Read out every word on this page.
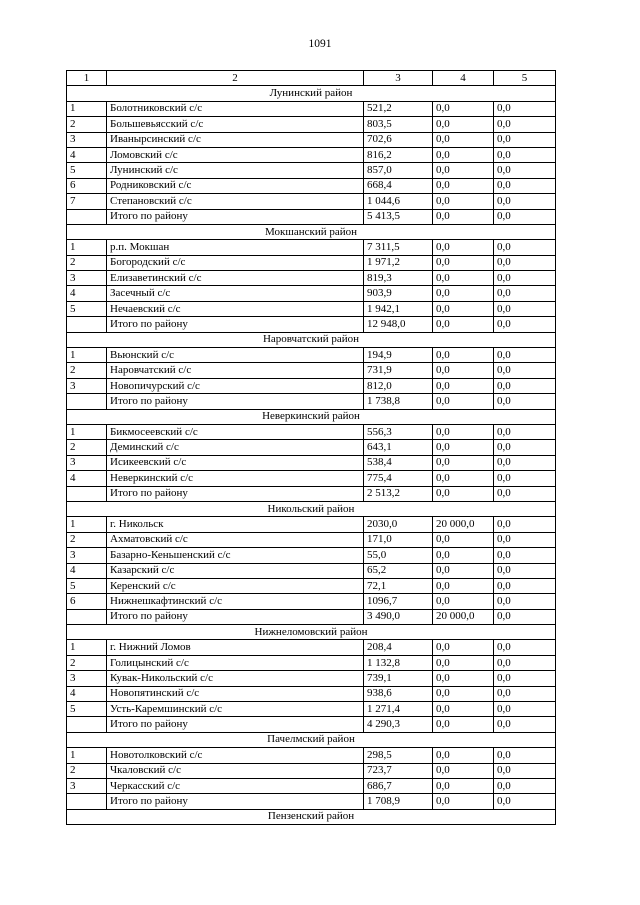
1091
1	2	3	4	5
Лунинский район				
1	Болотниковский с/с	521,2	0,0	0,0
2	Большевьясский с/с	803,5	0,0	0,0
3	Иванырсинский с/с	702,6	0,0	0,0
4	Ломовский с/с	816,2	0,0	0,0
5	Лунинский с/с	857,0	0,0	0,0
6	Родниковский с/с	668,4	0,0	0,0
7	Степановский с/с	1 044,6	0,0	0,0
	Итого по району	5 413,5	0,0	0,0
Мокшанский район				
1	р.п. Мокшан	7 311,5	0,0	0,0
2	Богородский с/с	1 971,2	0,0	0,0
3	Елизаветинский с/с	819,3	0,0	0,0
4	Засечный с/с	903,9	0,0	0,0
5	Нечаевский с/с	1 942,1	0,0	0,0
	Итого по району	12 948,0	0,0	0,0
Наровчатский район				
1	Вьюнский с/с	194,9	0,0	0,0
2	Наровчатский с/с	731,9	0,0	0,0
3	Новопичурский с/с	812,0	0,0	0,0
	Итого по району	1 738,8	0,0	0,0
Неверкинский район				
1	Бикмосеевский с/с	556,3	0,0	0,0
2	Деминский с/с	643,1	0,0	0,0
3	Исикеевский с/с	538,4	0,0	0,0
4	Неверкинский с/с	775,4	0,0	0,0
	Итого по району	2 513,2	0,0	0,0
Никольский район				
1	г. Никольск	2030,0	20 000,0	0,0
2	Ахматовский с/с	171,0	0,0	0,0
3	Базарно-Кеньшенский с/с	55,0	0,0	0,0
4	Казарский с/с	65,2	0,0	0,0
5	Керенский с/с	72,1	0,0	0,0
6	Нижнешкафтинский с/с	1096,7	0,0	0,0
	Итого по району	3 490,0	20 000,0	0,0
Нижнеломовский район				
1	г. Нижний Ломов	208,4	0,0	0,0
2	Голицынский с/с	1 132,8	0,0	0,0
3	Кувак-Никольский с/с	739,1	0,0	0,0
4	Новопятинский с/с	938,6	0,0	0,0
5	Усть-Каремшинский с/с	1 271,4	0,0	0,0
	Итого по району	4 290,3	0,0	0,0
Пачелмский район				
1	Новотолковский с/с	298,5	0,0	0,0
2	Чкаловский с/с	723,7	0,0	0,0
3	Черкасский с/с	686,7	0,0	0,0
	Итого по району	1 708,9	0,0	0,0
Пензенский район				
